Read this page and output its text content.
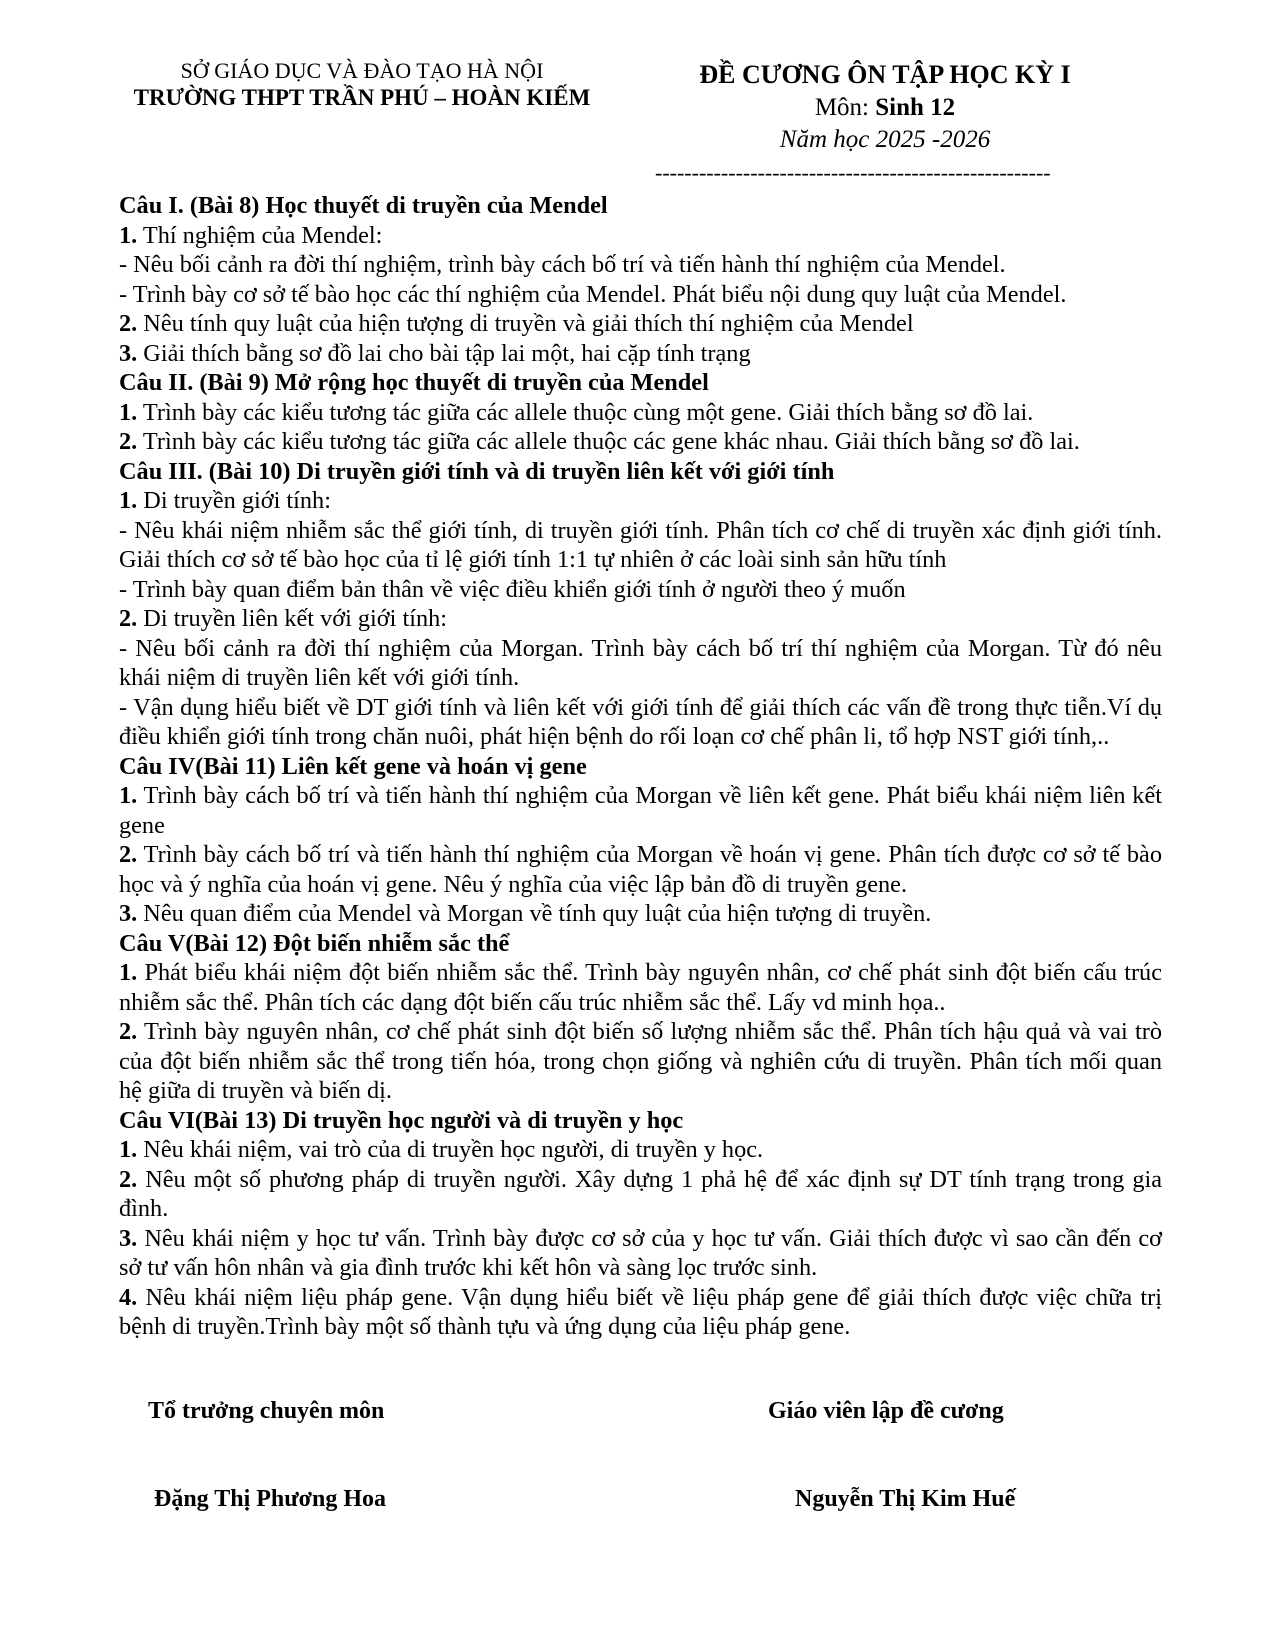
SỞ GIÁO DỤC VÀ ĐÀO TẠO HÀ NỘI
TRƯỜNG THPT TRẦN PHÚ – HOÀN KIẾM
ĐỀ CƯƠNG ÔN TẬP HỌC KỲ I
Môn: Sinh 12
Năm học 2025 -2026
------------------------------------------------------
Câu I. (Bài 8) Học thuyết di truyền của Mendel
1. Thí nghiệm của Mendel:
- Nêu bối cảnh ra đời thí nghiệm, trình bày cách bố trí và tiến hành thí nghiệm của Mendel.
- Trình bày cơ sở tế bào học các thí nghiệm của Mendel. Phát biểu nội dung quy luật của Mendel.
2. Nêu tính quy luật của hiện tượng di truyền và giải thích thí nghiệm của Mendel
3. Giải thích bằng sơ đồ lai cho bài tập lai một, hai cặp tính trạng
Câu II. (Bài 9) Mở rộng học thuyết di truyền của Mendel
1. Trình bày các kiểu tương tác giữa các allele thuộc cùng một gene. Giải thích bằng sơ đồ lai.
2. Trình bày các kiểu tương tác giữa các allele thuộc các gene khác nhau. Giải thích bằng sơ đồ lai.
Câu III. (Bài 10) Di truyền giới tính và di truyền liên kết với giới tính
1. Di truyền giới tính:
- Nêu khái niệm nhiễm sắc thể giới tính, di truyền giới tính. Phân tích cơ chế di truyền xác định giới tính. Giải thích cơ sở tế bào học của tỉ lệ giới tính 1:1 tự nhiên ở các loài sinh sản hữu tính
- Trình bày quan điểm bản thân về việc điều khiển giới tính ở người theo ý muốn
2. Di truyền liên kết với giới tính:
- Nêu bối cảnh ra đời thí nghiệm của Morgan. Trình bày cách bố trí thí nghiệm của Morgan. Từ đó nêu khái niệm di truyền liên kết với giới tính.
- Vận dụng hiểu biết về DT giới tính và liên kết với giới tính để giải thích các vấn đề trong thực tiễn.Ví dụ điều khiển giới tính trong chăn nuôi, phát hiện bệnh do rối loạn cơ chế phân li, tổ hợp NST giới tính,..
Câu IV(Bài 11) Liên kết gene và hoán vị gene
1. Trình bày cách bố trí và tiến hành thí nghiệm của Morgan về liên kết gene. Phát biểu khái niệm liên kết gene
2. Trình bày cách bố trí và tiến hành thí nghiệm của Morgan về hoán vị gene. Phân tích được cơ sở tế bào học và ý nghĩa của hoán vị gene. Nêu ý nghĩa của việc lập bản đồ di truyền gene.
3. Nêu quan điểm của Mendel và Morgan về tính quy luật của hiện tượng di truyền.
Câu V(Bài 12) Đột biến nhiễm sắc thể
1. Phát biểu khái niệm đột biến nhiễm sắc thể. Trình bày nguyên nhân, cơ chế phát sinh đột biến cấu trúc nhiễm sắc thể. Phân tích các dạng đột biến cấu trúc nhiễm sắc thể. Lấy vd minh họa..
2. Trình bày nguyên nhân, cơ chế phát sinh đột biến số lượng nhiễm sắc thể. Phân tích hậu quả và vai trò của đột biến nhiễm sắc thể trong tiến hóa, trong chọn giống và nghiên cứu di truyền. Phân tích mối quan hệ giữa di truyền và biến dị.
Câu VI(Bài 13) Di truyền học người và di truyền y học
1. Nêu khái niệm, vai trò của di truyền học người, di truyền y học.
2. Nêu một số phương pháp di truyền người. Xây dựng 1 phả hệ để xác định sự DT tính trạng trong gia đình.
3. Nêu khái niệm y học tư vấn. Trình bày được cơ sở của y học tư vấn. Giải thích được vì sao cần đến cơ sở tư vấn hôn nhân và gia đình trước khi kết hôn và sàng lọc trước sinh.
4. Nêu khái niệm liệu pháp gene. Vận dụng hiểu biết về liệu pháp gene để giải thích được việc chữa trị bệnh di truyền.Trình bày một số thành tựu và ứng dụng của liệu pháp gene.
Tổ trưởng chuyên môn	Giáo viên lập đề cương
Đặng Thị Phương Hoa	Nguyễn Thị Kim Huế
